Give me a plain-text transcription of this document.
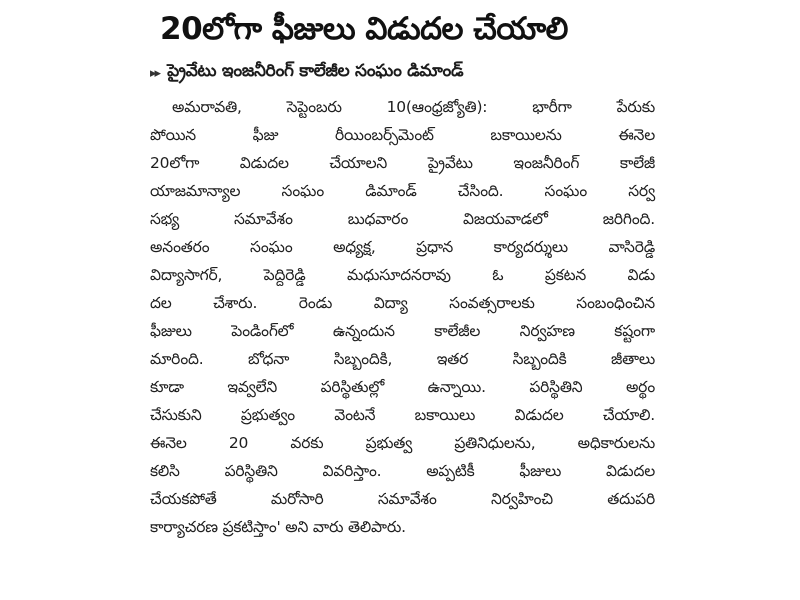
20లోగా ఫీజులు విడుదల చేయాలి
▸▸ ప్రైవేటు ఇంజనీరింగ్ కాలేజీల సంఘం డిమాండ్
అమరావతి, సెప్టెంబరు 10(ఆంధ్రజ్యోతి): భారీగా పేరుకు
పోయిన ఫీజు రీయింబర్స్‌మెంట్ బకాయిలను ఈనెల
20లోగా విడుదల చేయాలని ప్రైవేటు ఇంజనీరింగ్ కాలేజీ
యాజమాన్యాల సంఘం డిమాండ్ చేసింది. సంఘం సర్వ
సభ్య సమావేశం బుధవారం విజయవాడలో జరిగింది.
అనంతరం సంఘం అధ్యక్ష, ప్రధాన కార్యదర్శులు వాసిరెడ్డి
విద్యాసాగర్, పెద్దిరెడ్డి మధుసూదనరావు ఓ ప్రకటన విడు
దల చేశారు. రెండు విద్యా సంవత్సరాలకు సంబంధించిన
ఫీజులు పెండింగ్‌లో ఉన్నందున కాలేజీల నిర్వహణ కష్టంగా
మారింది. బోధనా సిబ్బందికి, ఇతర సిబ్బందికి జీతాలు
కూడా ఇవ్వలేని పరిస్థితుల్లో ఉన్నాయి. పరిస్థితిని అర్థం
చేసుకుని ప్రభుత్వం వెంటనే బకాయిలు విడుదల చేయాలి.
ఈనెల 20 వరకు ప్రభుత్వ ప్రతినిధులను, అధికారులను
కలిసి పరిస్థితిని వివరిస్తాం. అప్పటికీ ఫీజులు విడుదల
చేయకపోతే మరోసారి సమావేశం నిర్వహించి తదుపరి
కార్యాచరణ ప్రకటిస్తాం' అని వారు తెలిపారు.
